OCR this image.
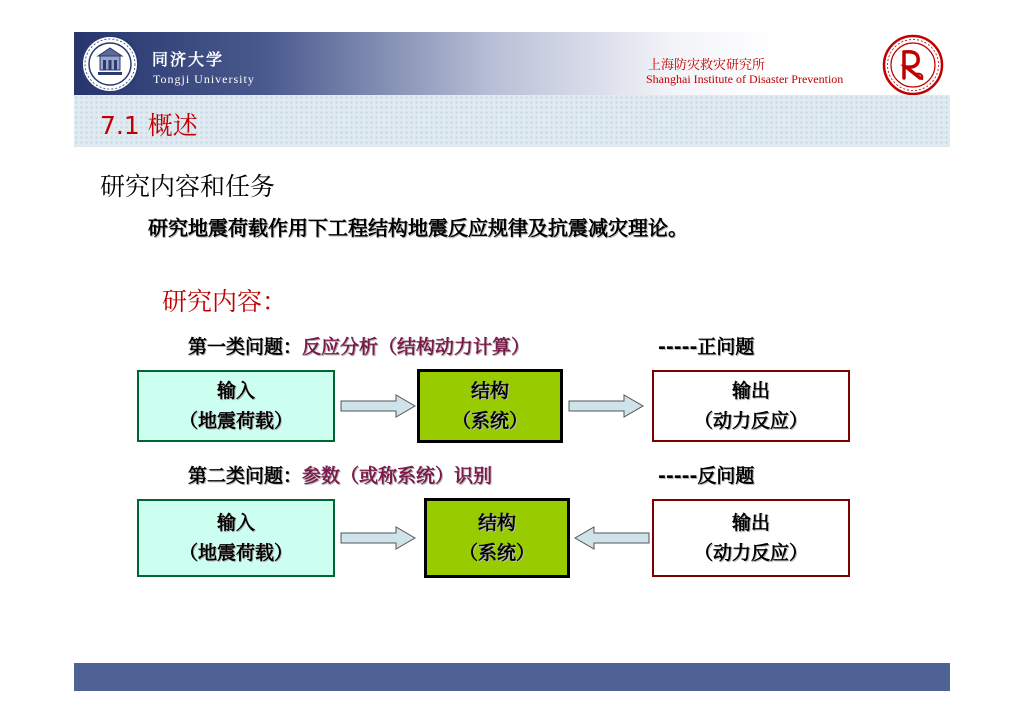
同济大学
Tongji University
上海防灾救灾研究所
Shanghai Institute of Disaster Prevention
7.1 概述
研究内容和任务
研究地震荷载作用下工程结构地震反应规律及抗震减灾理论。
研究内容：
第一类问题：反应分析（结构动力计算）	-----正问题
输入
（地震荷载）
结构
（系统）
输出
（动力反应）
第二类问题：参数（或称系统）识别	-----反问题
输入
（地震荷载）
结构
（系统）
输出
（动力反应）
